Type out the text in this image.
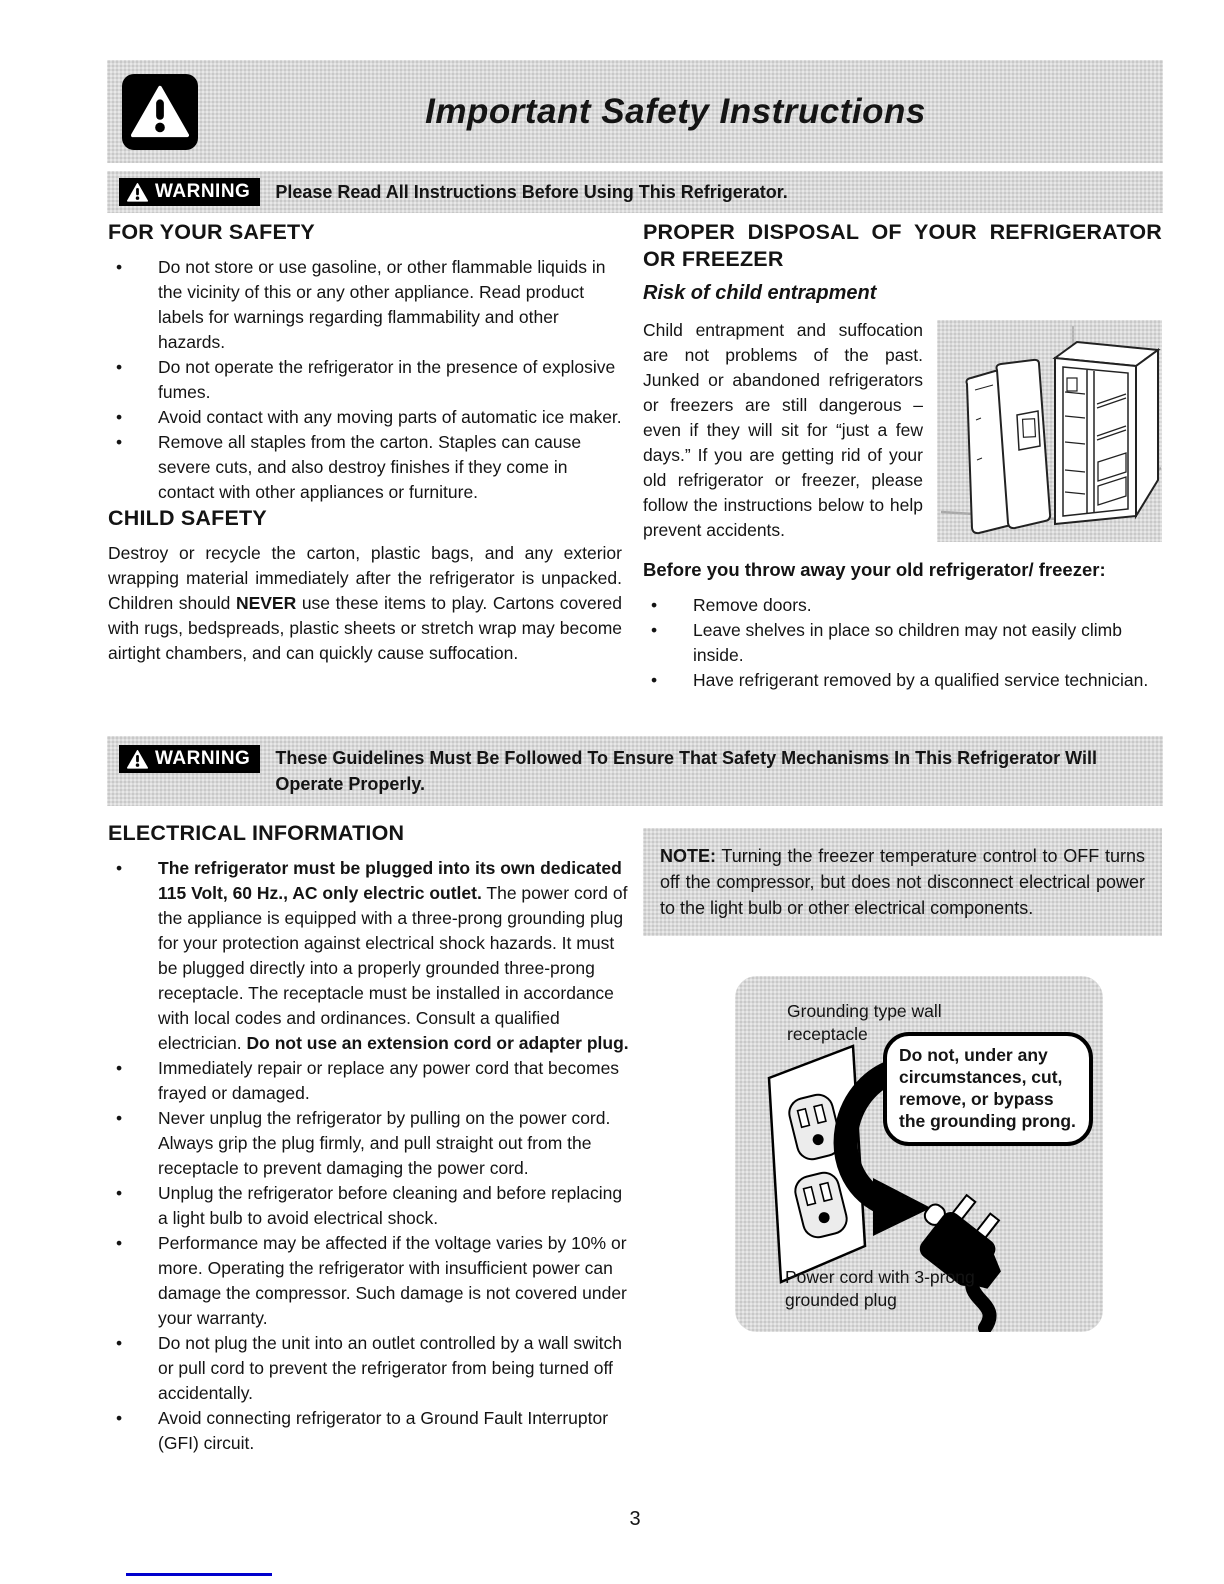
Important Safety Instructions
WARNING Please Read All Instructions Before Using This Refrigerator.
FOR YOUR SAFETY
•	Do not store or use gasoline, or other flammable liquids in the vicinity of this or any other appliance. Read product labels for warnings regarding flammability and other hazards.
•	Do not operate the refrigerator in the presence of explosive fumes.
•	Avoid contact with any moving parts of automatic ice maker.
•	Remove all staples from the carton. Staples can cause severe cuts, and also destroy finishes if they come in contact with other appliances or furniture.
CHILD SAFETY

Destroy or recycle the carton, plastic bags, and any exterior wrapping material immediately after the refrigerator is unpacked. Children should NEVER use these items to play. Cartons covered with rugs, bedspreads, plastic sheets or stretch wrap may become airtight chambers, and can quickly cause suffocation.

PROPER DISPOSAL OF YOUR REFRIGERATOR OR FREEZER
Risk of child entrapment

Child entrapment and suffocation are not problems of the past. Junked or abandoned refrigerators or freezers are still dangerous – even if they will sit for “just a few days.” If you are getting rid of your old refrigerator or freezer, please follow the instructions below to help prevent accidents.

Before you throw away your old refrigerator/ freezer:
•	Remove doors.
•	Leave shelves in place so children may not easily climb inside.
•	Have refrigerant removed by a qualified service technician.
WARNING These Guidelines Must Be Followed To Ensure That Safety Mechanisms In This Refrigerator Will Operate Properly.
ELECTRICAL INFORMATION
•	The refrigerator must be plugged into its own dedicated 115 Volt, 60 Hz., AC only electric outlet. The power cord of the appliance is equipped with a three-prong grounding plug for your protection against electrical shock hazards. It must be plugged directly into a properly grounded three-prong receptacle. The receptacle must be installed in accordance with local codes and ordinances. Consult a qualified electrician. Do not use an extension cord or adapter plug.
•	Immediately repair or replace any power cord that becomes frayed or damaged.
•	Never unplug the refrigerator by pulling on the power cord. Always grip the plug firmly, and pull straight out from the receptacle to prevent damaging the power cord.
•	Unplug the refrigerator before cleaning and before replacing a light bulb to avoid electrical shock.
•	Performance may be affected if the voltage varies by 10% or more. Operating the refrigerator with insufficient power can damage the compressor. Such damage is not covered under your warranty.
•	Do not plug the unit into an outlet controlled by a wall switch or pull cord to prevent the refrigerator from being turned off accidentally.
•	Avoid connecting refrigerator to a Ground Fault Interruptor (GFI) circuit.
NOTE: Turning the freezer temperature control to OFF turns off the compressor, but does not disconnect electrical power to the light bulb or other electrical components.
Grounding type wall receptacle
Do not, under any circumstances, cut, remove, or bypass the grounding prong.
Power cord with 3-prong grounded plug
3
